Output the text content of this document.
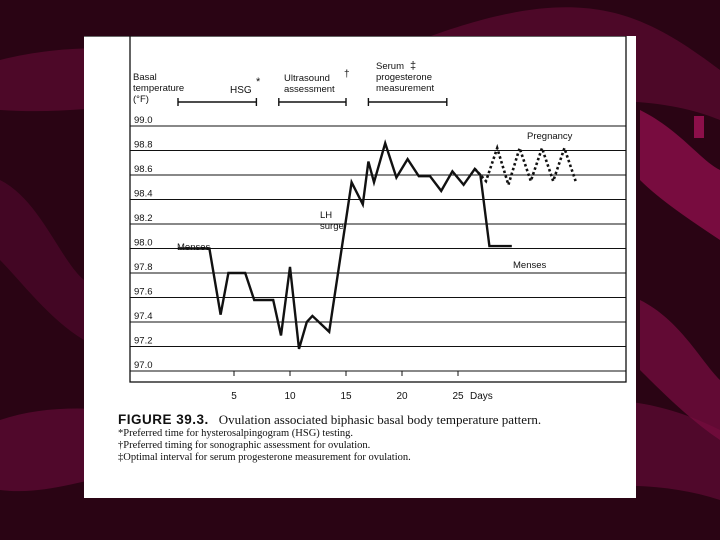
Basal
temperature
(°F)
HSG
* Ultrasound
assessment
†
Serum
progesterone
measurement
‡
97.0
97.2
97.4
97.6
97.8
98.0
98.2
98.4
98.6
98.8
99.0
5	10	15	20	25
Menses
LH
surge
Menses
Pregnancy
Days
FIGURE 39.3. Ovulation associated biphasic basal body temperature pattern.
*Preferred time for hysterosalpingogram (HSG) testing.
†Preferred timing for sonographic assessment for ovulation.
‡Optimal interval for serum progesterone measurement for ovulation.
